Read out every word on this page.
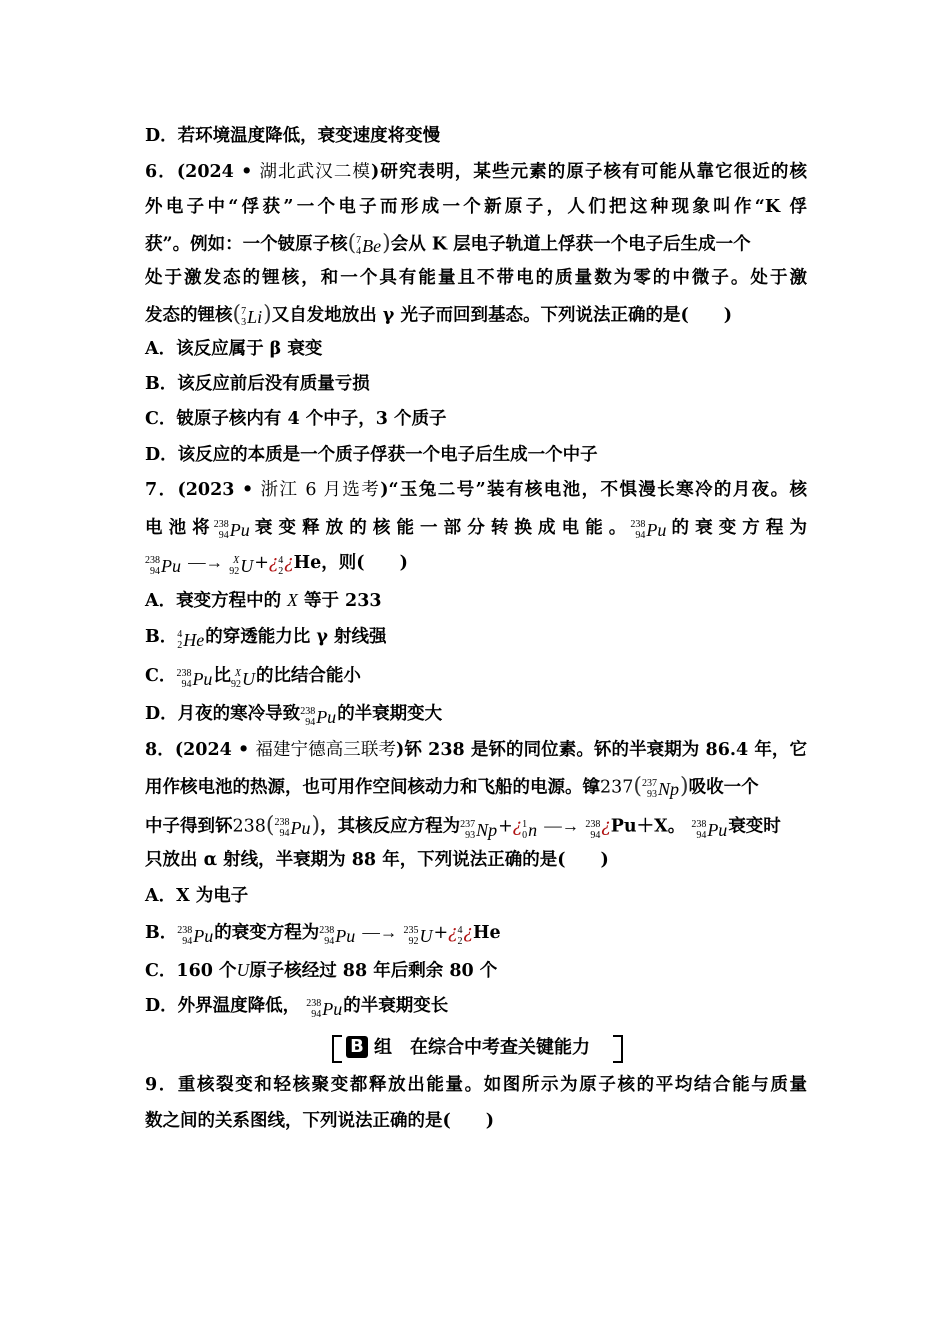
D．若环境温度降低，衰变速度将变慢
6．(2024 • 湖北武汉二模)研究表明，某些元素的原子核有可能从靠它很近的核
外电子中“俘获”一个电子而形成一个新原子，人们把这种现象叫作“K 俘
获”。例如：一个铍原子核 ( 7
4 Be ) 会从 K 层电子轨道上俘获一个电子后生成一个
处于激发态的锂核，和一个具有能量且不带电的质量数为零的中微子。处于激
发态的锂核 ( 7
3 Li ) 又自发地放出 γ 光子而回到基态。下列说法正确的是(　　)
A．该反应属于 β 衰变
B．该反应前后没有质量亏损
C．铍原子核内有 4 个中子，3 个质子
D．该反应的本质是一个质子俘获一个电子后生成一个中子
7．(2023 • 浙江 6 月选考)“玉兔二号”装有核电池，不惧漫长寒冷的月夜。核
电 池 将 238
94 Pu 衰 变 释 放 的 核 能 一 部 分 转 换 成 电 能 。 238
94 Pu 的 衰 变 方 程 为
238
94 Pu —→ X
92 U +¿ 4
2 ¿He，则(　　)
A．衰变方程中的 X 等于 233
B． 4
2 He 的穿透能力比 γ 射线强
C． 238
94 Pu 比 X
92 U 的比结合能小
D．月夜的寒冷导致 238
94 Pu 的半衰期变大
8．(2024 • 福建宁德高三联考)钚 238 是钚的同位素。钚的半衰期为 86.4 年，它
用作核电池的热源，也可用作空间核动力和飞船的电源。镎237 ( 237
93 Np ) 吸收一个
中子得到钚238 ( 238
94 Pu ) ，其核反应方程为 237
93 Np +¿ 1
0 n —→ 238
94 ¿Pu＋X。 238
94 Pu 衰变时
只放出 α 射线，半衰期为 88 年，下列说法正确的是(　　)
A．X 为电子
B． 238
94 Pu 的衰变方程为 238
94 Pu —→ 235
92 U +¿ 4
2 ¿He
C．160 个U原子核经过 88 年后剩余 80 个
D．外界温度降低， 238
94 Pu 的半衰期变长
B 组 在综合中考查关键能力
9．重核裂变和轻核聚变都释放出能量。如图所示为原子核的平均结合能与质量
数之间的关系图线，下列说法正确的是(　　)
